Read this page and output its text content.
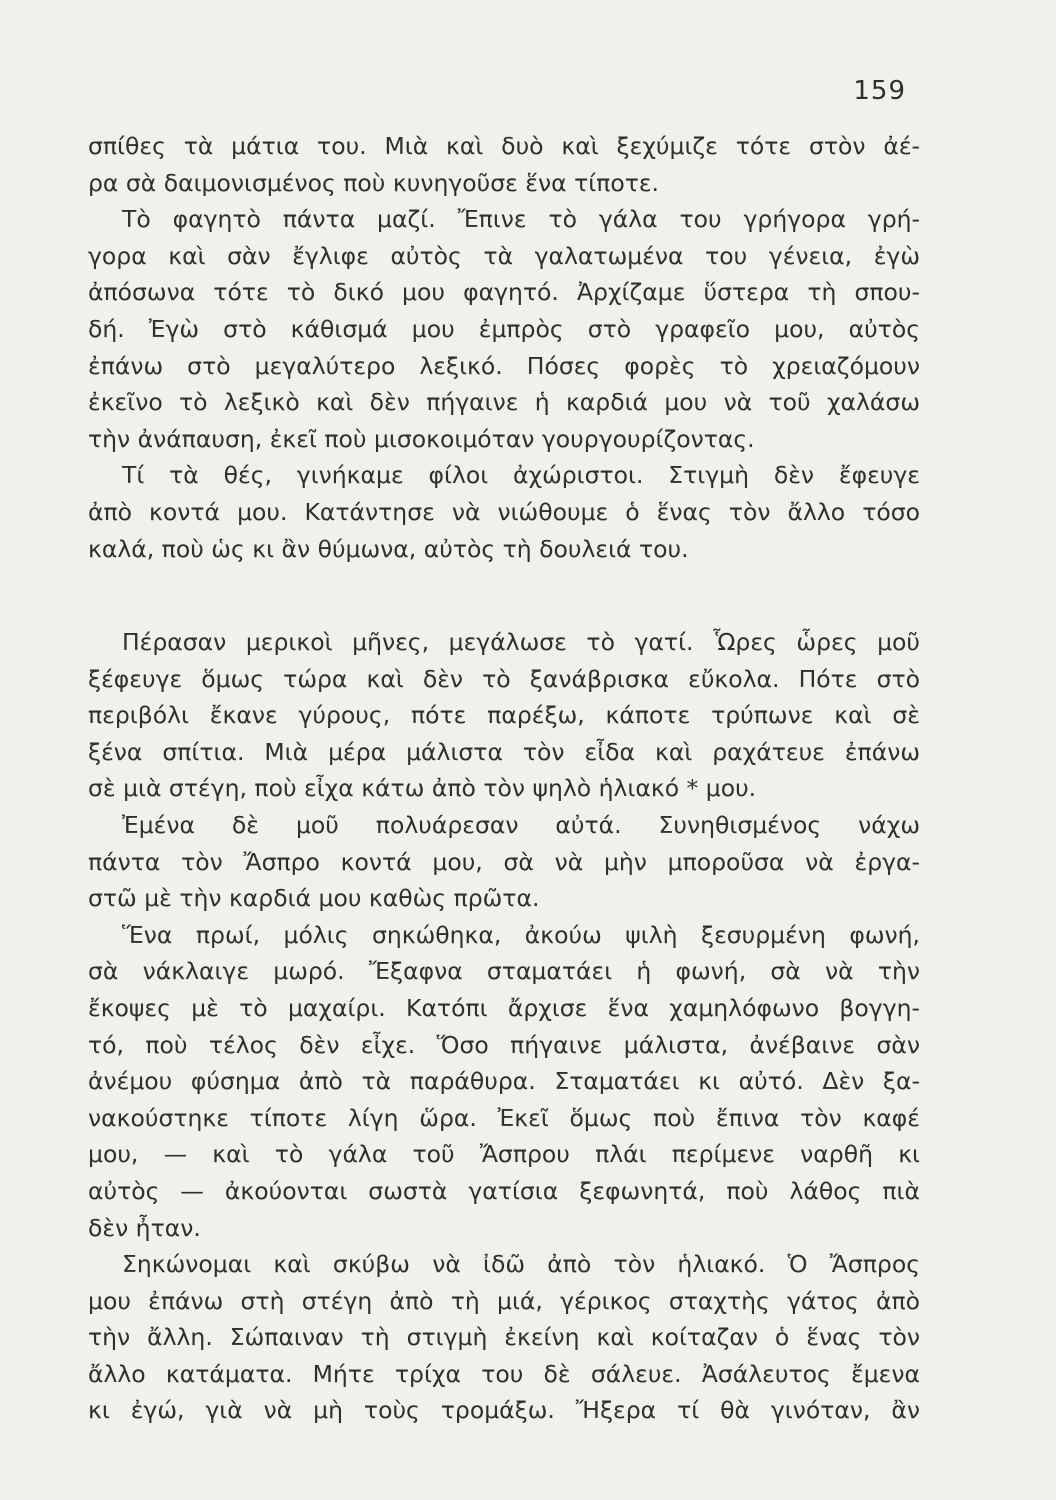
159
σπίθες τὰ μάτια του. Μιὰ καὶ δυὸ καὶ ξεχύμιζε τότε στὸν ἀέ-
ρα σὰ δαιμονισμένος ποὺ κυνηγοῦσε ἕνα τίποτε.
Τὸ φαγητὸ πάντα μαζί. Ἔπινε τὸ γάλα του γρήγορα γρή-
γορα καὶ σὰν ἔγλιφε αὐτὸς τὰ γαλατωμένα του γένεια, ἐγὼ
ἀπόσωνα τότε τὸ δικό μου φαγητό. Ἀρχίζαμε ὕστερα τὴ σπου-
δή. Ἐγὼ στὸ κάθισμά μου ἐμπρὸς στὸ γραφεῖο μου, αὐτὸς
ἐπάνω στὸ μεγαλύτερο λεξικό. Πόσες φορὲς τὸ χρειαζόμουν
ἐκεῖνο τὸ λεξικὸ καὶ δὲν πήγαινε ἡ καρδιά μου νὰ τοῦ χαλάσω
τὴν ἀνάπαυση, ἐκεῖ ποὺ μισοκοιμόταν γουργουρίζοντας.
Τί τὰ θές, γινήκαμε φίλοι ἀχώριστοι. Στιγμὴ δὲν ἔφευγε
ἀπὸ κοντά μου. Κατάντησε νὰ νιώθουμε ὁ ἕνας τὸν ἄλλο τόσο
καλά, ποὺ ὡς κι ἂν θύμωνα, αὐτὸς τὴ δουλειά του.
Πέρασαν μερικοὶ μῆνες, μεγάλωσε τὸ γατί. Ὧρες ὧρες μοῦ
ξέφευγε ὅμως τώρα καὶ δὲν τὸ ξανάβρισκα εὔκολα. Πότε στὸ
περιβόλι ἔκανε γύρους, πότε παρέξω, κάποτε τρύπωνε καὶ σὲ
ξένα σπίτια. Μιὰ μέρα μάλιστα τὸν εἶδα καὶ ραχάτευε ἐπάνω
σὲ μιὰ στέγη, ποὺ εἶχα κάτω ἀπὸ τὸν ψηλὸ ἡλιακό * μου.
Ἐμένα δὲ μοῦ πολυάρεσαν αὐτά. Συνηθισμένος νάχω
πάντα τὸν Ἄσπρο κοντά μου, σὰ νὰ μὴν μποροῦσα νὰ ἐργα-
στῶ μὲ τὴν καρδιά μου καθὼς πρῶτα.
Ἕνα πρωί, μόλις σηκώθηκα, ἀκούω ψιλὴ ξεσυρμένη φωνή,
σὰ νάκλαιγε μωρό. Ἔξαφνα σταματάει ἡ φωνή, σὰ νὰ τὴν
ἔκοψες μὲ τὸ μαχαίρι. Κατόπι ἄρχισε ἕνα χαμηλόφωνο βογγη-
τό, ποὺ τέλος δὲν εἶχε. Ὅσο πήγαινε μάλιστα, ἀνέβαινε σὰν
ἀνέμου φύσημα ἀπὸ τὰ παράθυρα. Σταματάει κι αὐτό. Δὲν ξα-
νακούστηκε τίποτε λίγη ὥρα. Ἐκεῖ ὅμως ποὺ ἔπινα τὸν καφέ
μου, — καὶ τὸ γάλα τοῦ Ἄσπρου πλάι περίμενε ναρθῆ κι
αὐτὸς — ἀκούονται σωστὰ γατίσια ξεφωνητά, ποὺ λάθος πιὰ
δὲν ἦταν.
Σηκώνομαι καὶ σκύβω νὰ ἰδῶ ἀπὸ τὸν ἡλιακό. Ὁ Ἄσπρος
μου ἐπάνω στὴ στέγη ἀπὸ τὴ μιά, γέρικος σταχτὴς γάτος ἀπὸ
τὴν ἄλλη. Σώπαιναν τὴ στιγμὴ ἐκείνη καὶ κοίταζαν ὁ ἕνας τὸν
ἄλλο κατάματα. Μήτε τρίχα του δὲ σάλευε. Ἀσάλευτος ἔμενα
κι ἐγώ, γιὰ νὰ μὴ τοὺς τρομάξω. Ἤξερα τί θὰ γινόταν, ἂν
